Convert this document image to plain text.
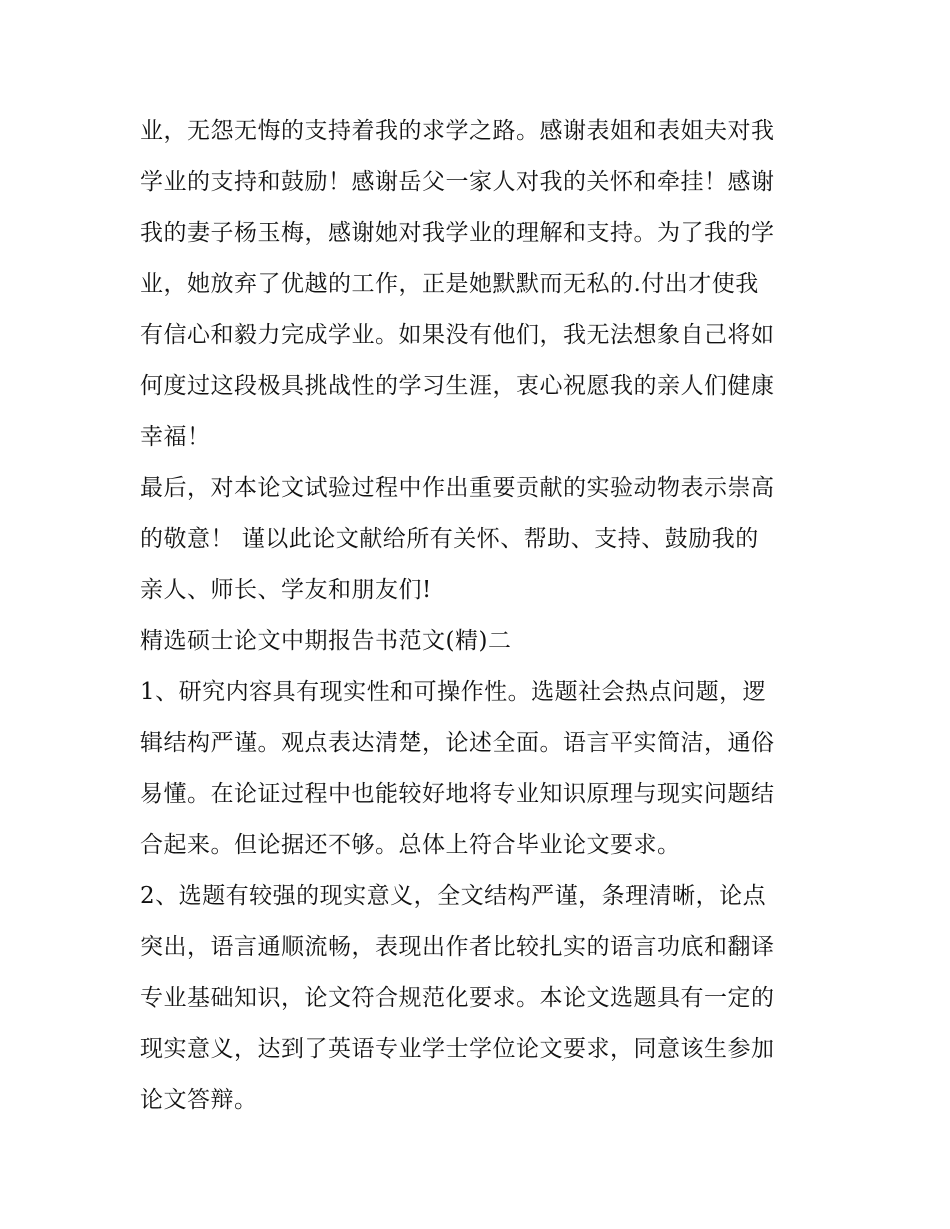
业，无怨无悔的支持着我的求学之路。感谢表姐和表姐夫对我
学业的支持和鼓励！感谢岳父一家人对我的关怀和牵挂！感谢
我的妻子杨玉梅，感谢她对我学业的理解和支持。为了我的学
业，她放弃了优越的工作，正是她默默而无私的.付出才使我
有信心和毅力完成学业。如果没有他们，我无法想象自己将如
何度过这段极具挑战性的学习生涯，衷心祝愿我的亲人们健康
幸福！
最后，对本论文试验过程中作出重要贡献的实验动物表示崇高
的敬意！ 谨以此论文献给所有关怀、帮助、支持、鼓励我的
亲人、师长、学友和朋友们!
精选硕士论文中期报告书范文(精)二
1、研究内容具有现实性和可操作性。选题社会热点问题，逻
辑结构严谨。观点表达清楚，论述全面。语言平实简洁，通俗
易懂。在论证过程中也能较好地将专业知识原理与现实问题结
合起来。但论据还不够。总体上符合毕业论文要求。
2、选题有较强的现实意义，全文结构严谨，条理清晰，论点
突出，语言通顺流畅，表现出作者比较扎实的语言功底和翻译
专业基础知识，论文符合规范化要求。本论文选题具有一定的
现实意义，达到了英语专业学士学位论文要求，同意该生参加
论文答辩。
